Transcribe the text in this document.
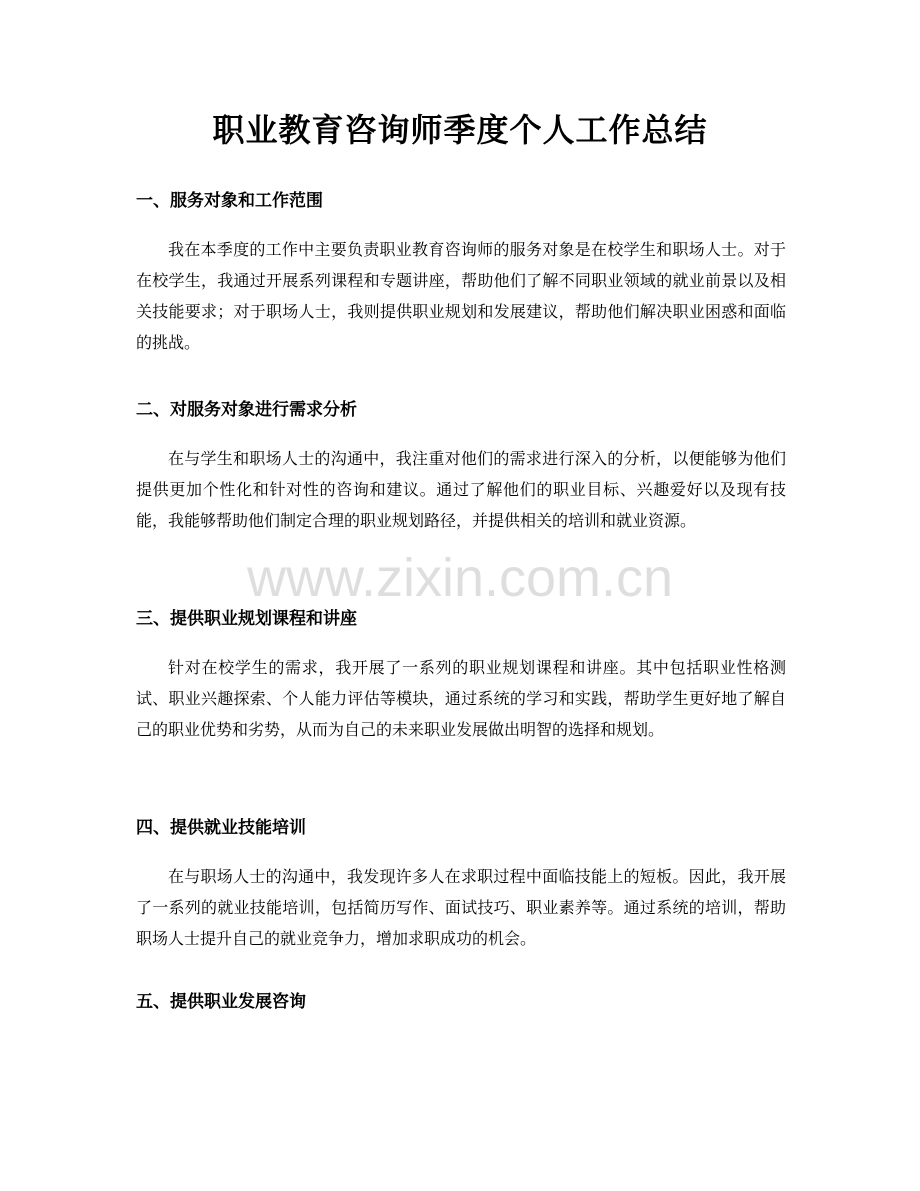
职业教育咨询师季度个人工作总结
一、服务对象和工作范围

我在本季度的工作中主要负责职业教育咨询师的服务对象是在校学生和职场人士。对于在校学生，我通过开展系列课程和专题讲座，帮助他们了解不同职业领域的就业前景以及相关技能要求；对于职场人士，我则提供职业规划和发展建议，帮助他们解决职业困惑和面临的挑战。

二、对服务对象进行需求分析

在与学生和职场人士的沟通中，我注重对他们的需求进行深入的分析，以便能够为他们提供更加个性化和针对性的咨询和建议。通过了解他们的职业目标、兴趣爱好以及现有技能，我能够帮助他们制定合理的职业规划路径，并提供相关的培训和就业资源。

三、提供职业规划课程和讲座

针对在校学生的需求，我开展了一系列的职业规划课程和讲座。其中包括职业性格测试、职业兴趣探索、个人能力评估等模块，通过系统的学习和实践，帮助学生更好地了解自己的职业优势和劣势，从而为自己的未来职业发展做出明智的选择和规划。

四、提供就业技能培训

在与职场人士的沟通中，我发现许多人在求职过程中面临技能上的短板。因此，我开展了一系列的就业技能培训，包括简历写作、面试技巧、职业素养等。通过系统的培训，帮助职场人士提升自己的就业竞争力，增加求职成功的机会。

五、提供职业发展咨询
www.zixin.com.cn
